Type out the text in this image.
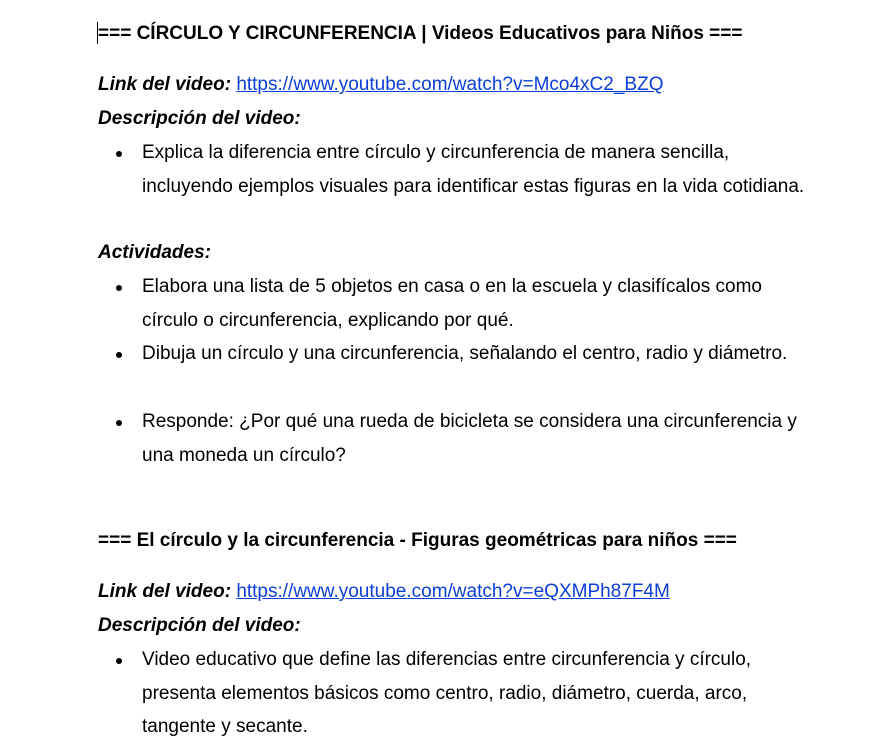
=== CÍRCULO Y CIRCUNFERENCIA | Videos Educativos para Niños ===
Link del video: https://www.youtube.com/watch?v=Mco4xC2_BZQ
Descripción del video:
Explica la diferencia entre círculo y circunferencia de manera sencilla, incluyendo ejemplos visuales para identificar estas figuras en la vida cotidiana.
Actividades:
Elabora una lista de 5 objetos en casa o en la escuela y clasifícalos como círculo o circunferencia, explicando por qué.
Dibuja un círculo y una circunferencia, señalando el centro, radio y diámetro.
Responde: ¿Por qué una rueda de bicicleta se considera una circunferencia y una moneda un círculo?
=== El círculo y la circunferencia - Figuras geométricas para niños ===
Link del video: https://www.youtube.com/watch?v=eQXMPh87F4M
Descripción del video:
Video educativo que define las diferencias entre circunferencia y círculo, presenta elementos básicos como centro, radio, diámetro, cuerda, arco, tangente y secante.
